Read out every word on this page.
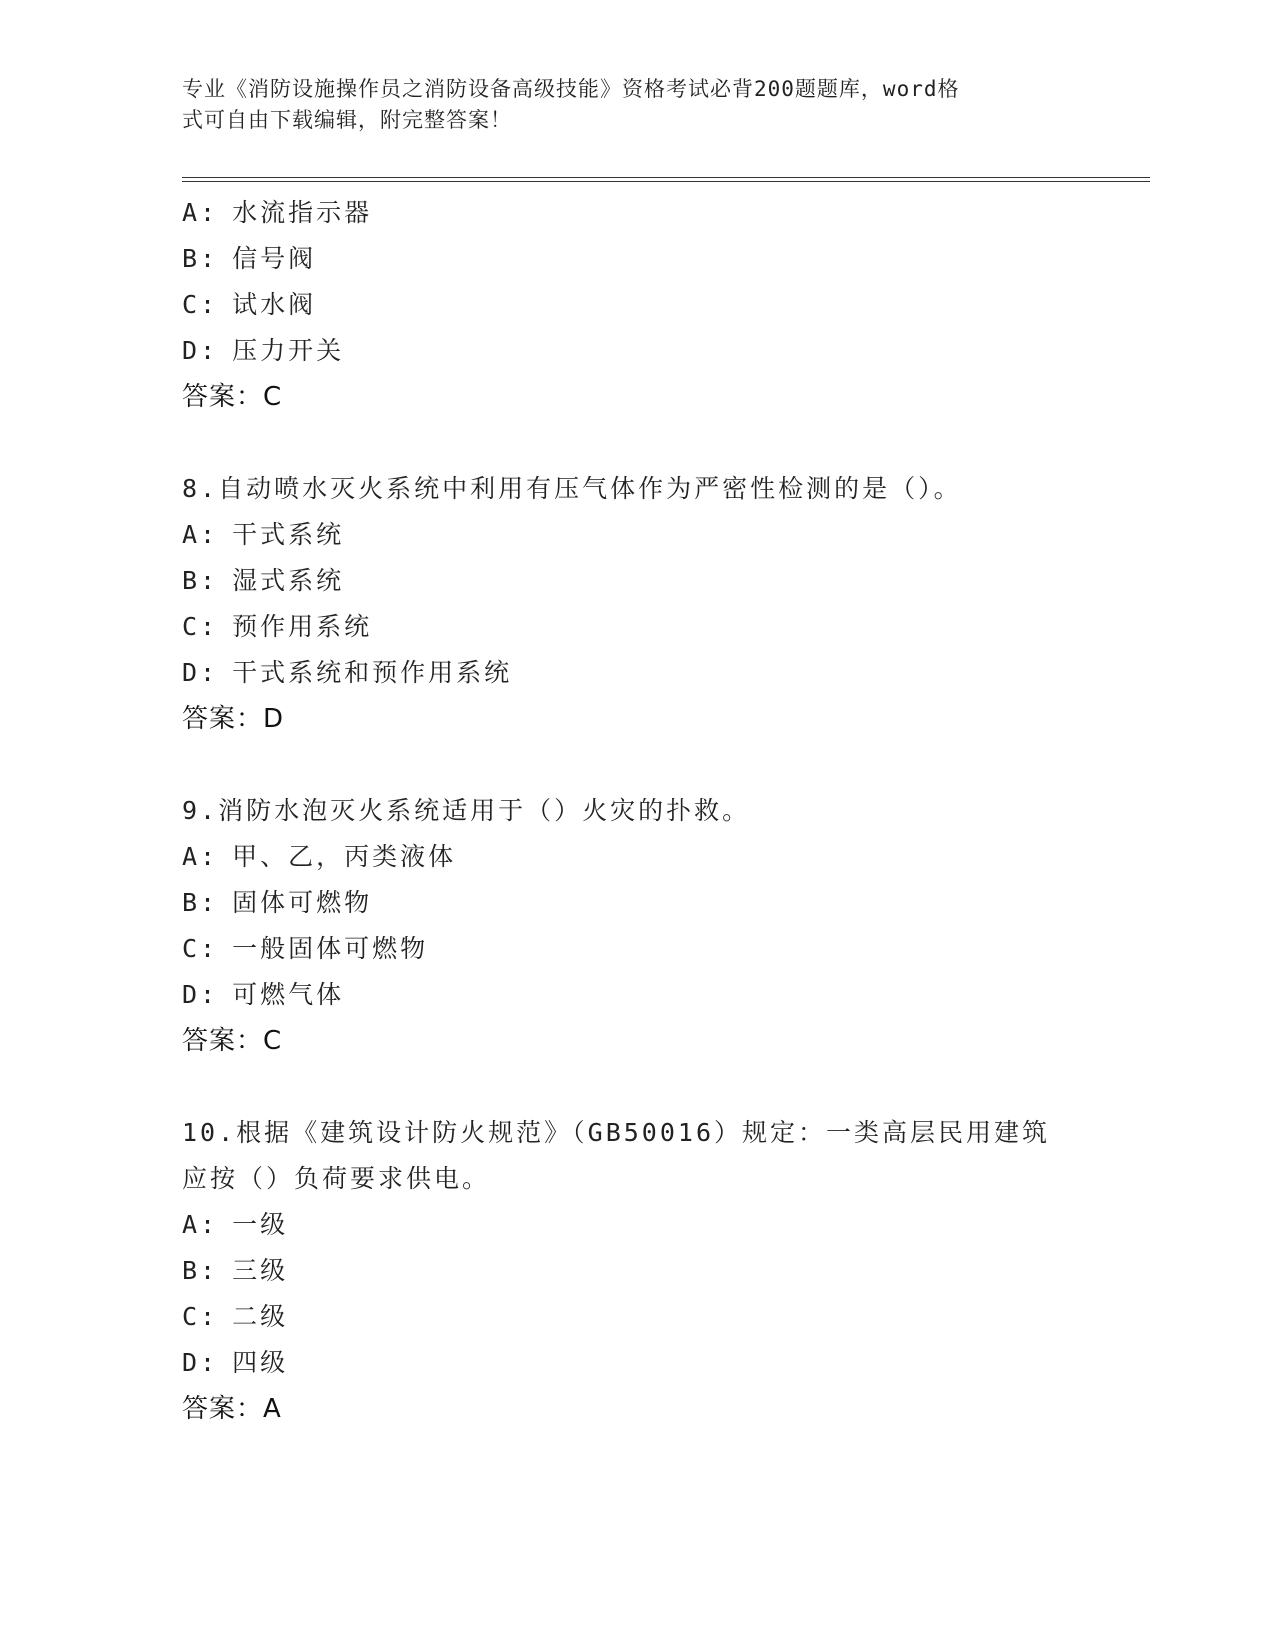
专业《消防设施操作员之消防设备高级技能》资格考试必背200题题库，word格
式可自由下载编辑，附完整答案！
A: 水流指示器
B: 信号阀
C: 试水阀
D: 压力开关
答案：C
8.自动喷水灭火系统中利用有压气体作为严密性检测的是（）。
A: 干式系统
B: 湿式系统
C: 预作用系统
D: 干式系统和预作用系统
答案：D
9.消防水泡灭火系统适用于（）火灾的扑救。
A: 甲、乙，丙类液体
B: 固体可燃物
C: 一般固体可燃物
D: 可燃气体
答案：C
10.根据《建筑设计防火规范》（GB50016）规定：一类高层民用建筑
应按（）负荷要求供电。
A: 一级
B: 三级
C: 二级
D: 四级
答案：A
